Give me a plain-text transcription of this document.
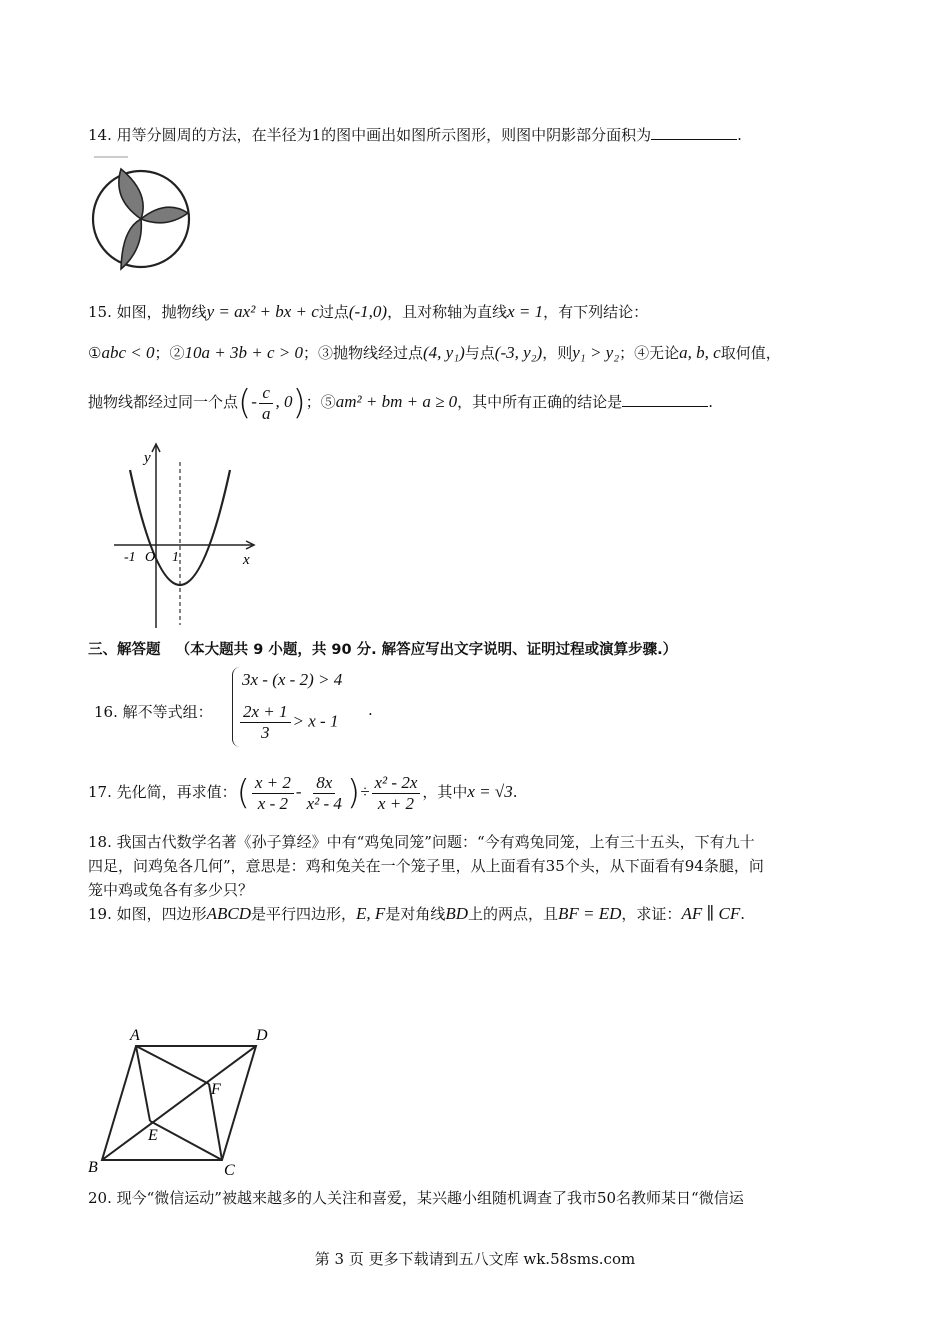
14. 用等分圆周的方法，在半径为1的图中画出如图所示图形，则图中阴影部分面积为	.
15. 如图，抛物线y = ax² + bx + c过点(-1,0)，且对称轴为直线x = 1，有下列结论：
①abc < 0；②10a + 3b + c > 0；③抛物线经过点(4, y₁)与点(-3, y₂)，则y₁ > y₂；④无论a, b, c取何值，
抛物线都经过同一个点(- $\frac{c}{a}$ , 0)；⑤am² + bm + a ≥ 0，其中所有正确的结论是	.
y
x
-1 O 1
三、解答题 （本大题共 9 小题，共 90 分. 解答应写出文字说明、证明过程或演算步骤.）
16. 解不等式组：
3x - (x - 2) > 4
$\frac{2x + 1}{3} > x - 1$
.
17. 先化简，再求值：( $\frac{x + 2}{x - 2} - \frac{8x}{\text{x² - 4}}$ )÷ $\frac{\text{x² - 2x}}{x + 2}$ ，其中x = √3.
18. 我国古代数学名著《孙子算经》中有“鸡兔同笼”问题：“今有鸡兔同笼，上有三十五头，下有九十
四足，问鸡兔各几何”，意思是：鸡和兔关在一个笼子里，从上面看有35个头，从下面看有94条腿，问
笼中鸡或兔各有多少只？
19. 如图，四边形ABCD是平行四边形，E, F是对角线BD上的两点，且BF = ED，求证：AF ∥ CF.
A	D
B	C
E
F
20. 现今“微信运动”被越来越多的人关注和喜爱，某兴趣小组随机调查了我市50名教师某日“微信运
第 3 页 更多下载请到五八文库 wk.58sms.com
